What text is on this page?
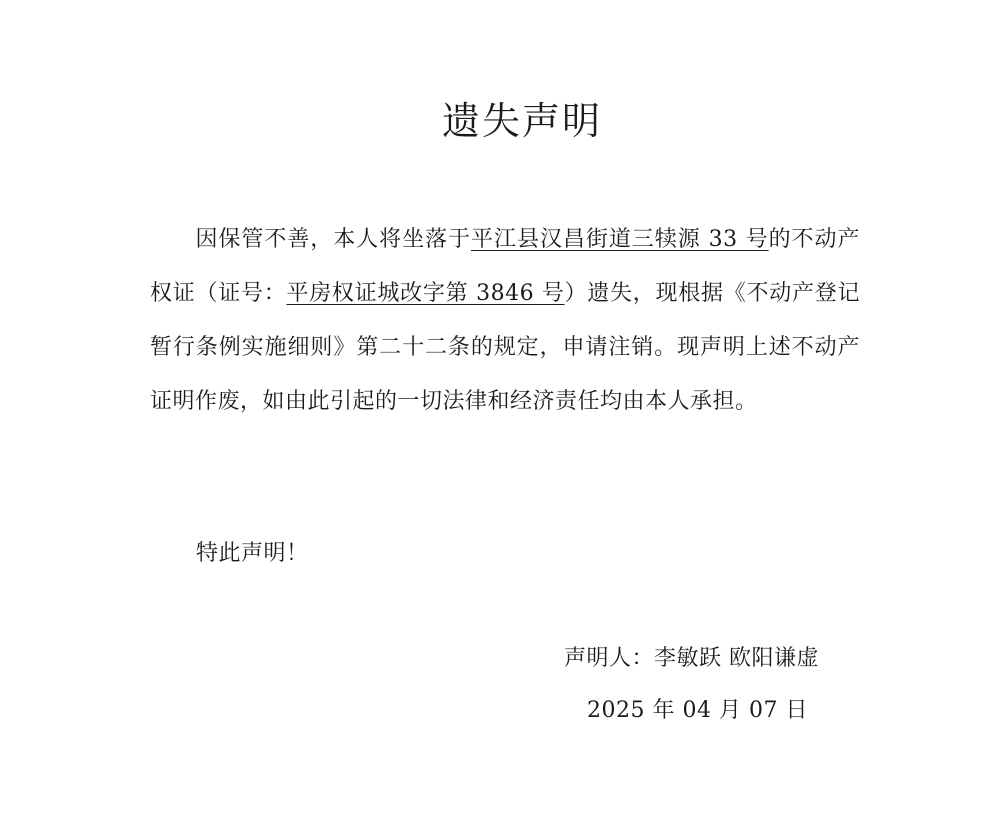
遗失声明

因保管不善，本人将坐落于平江县汉昌街道三犊源 33 号的不动产权证（证号：平房权证城改字第 3846 号）遗失，现根据《不动产登记暂行条例实施细则》第二十二条的规定，申请注销。现声明上述不动产证明作废，如由此引起的一切法律和经济责任均由本人承担。

特此声明！

声明人：李敏跃 欧阳谦虚

2025 年 04 月 07 日
